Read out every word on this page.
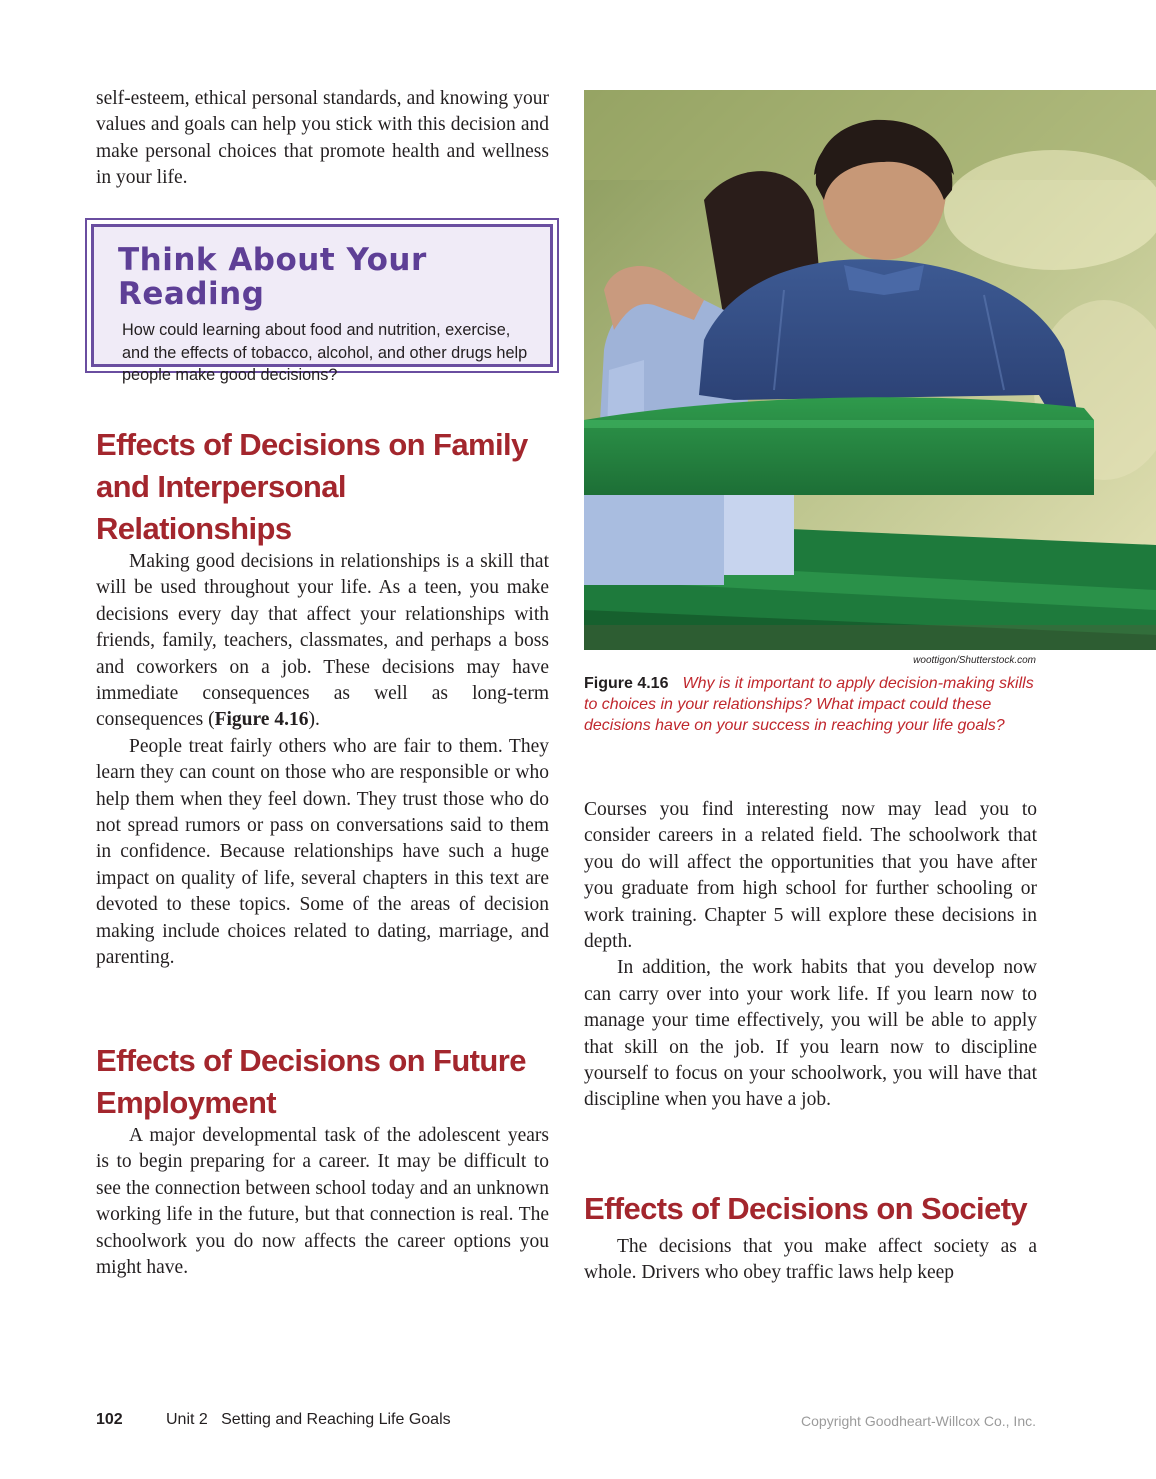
self-esteem, ethical personal standards, and knowing your values and goals can help you stick with this decision and make personal choices that promote health and wellness in your life.

Think About Your Reading
How could learning about food and nutrition, exercise, and the effects of tobacco, alcohol, and other drugs help people make good decisions?
Effects of Decisions on Family and Interpersonal Relationships

Making good decisions in relationships is a skill that will be used throughout your life. As a teen, you make decisions every day that affect your relationships with friends, family, teachers, classmates, and perhaps a boss and coworkers on a job. These decisions may have immediate consequences as well as long-term consequences (Figure 4.16).

People treat fairly others who are fair to them. They learn they can count on those who are responsible or who help them when they feel down. They trust those who do not spread rumors or pass on conversations said to them in confidence. Because relationships have such a huge impact on quality of life, several chapters in this text are devoted to these topics. Some of the areas of decision making include choices related to dating, marriage, and parenting.

Effects of Decisions on Future Employment

A major developmental task of the adolescent years is to begin preparing for a career. It may be difficult to see the connection between school today and an unknown working life in the future, but that connection is real. The schoolwork you do now affects the career options you might have.

woottigon/Shutterstock.com
Figure 4.16 Why is it important to apply decision-making skills to choices in your relationships? What impact could these decisions have on your success in reaching your life goals?

Courses you find interesting now may lead you to consider careers in a related field. The schoolwork that you do will affect the opportunities that you have after you graduate from high school for further schooling or work training. Chapter 5 will explore these decisions in depth.

In addition, the work habits that you develop now can carry over into your work life. If you learn now to manage your time effectively, you will be able to apply that skill on the job. If you learn now to discipline yourself to focus on your schoolwork, you will have that discipline when you have a job.

Effects of Decisions on Society

The decisions that you make affect society as a whole. Drivers who obey traffic laws help keep

102	Unit 2   Setting and Reaching Life Goals	Copyright Goodheart-Willcox Co., Inc.
